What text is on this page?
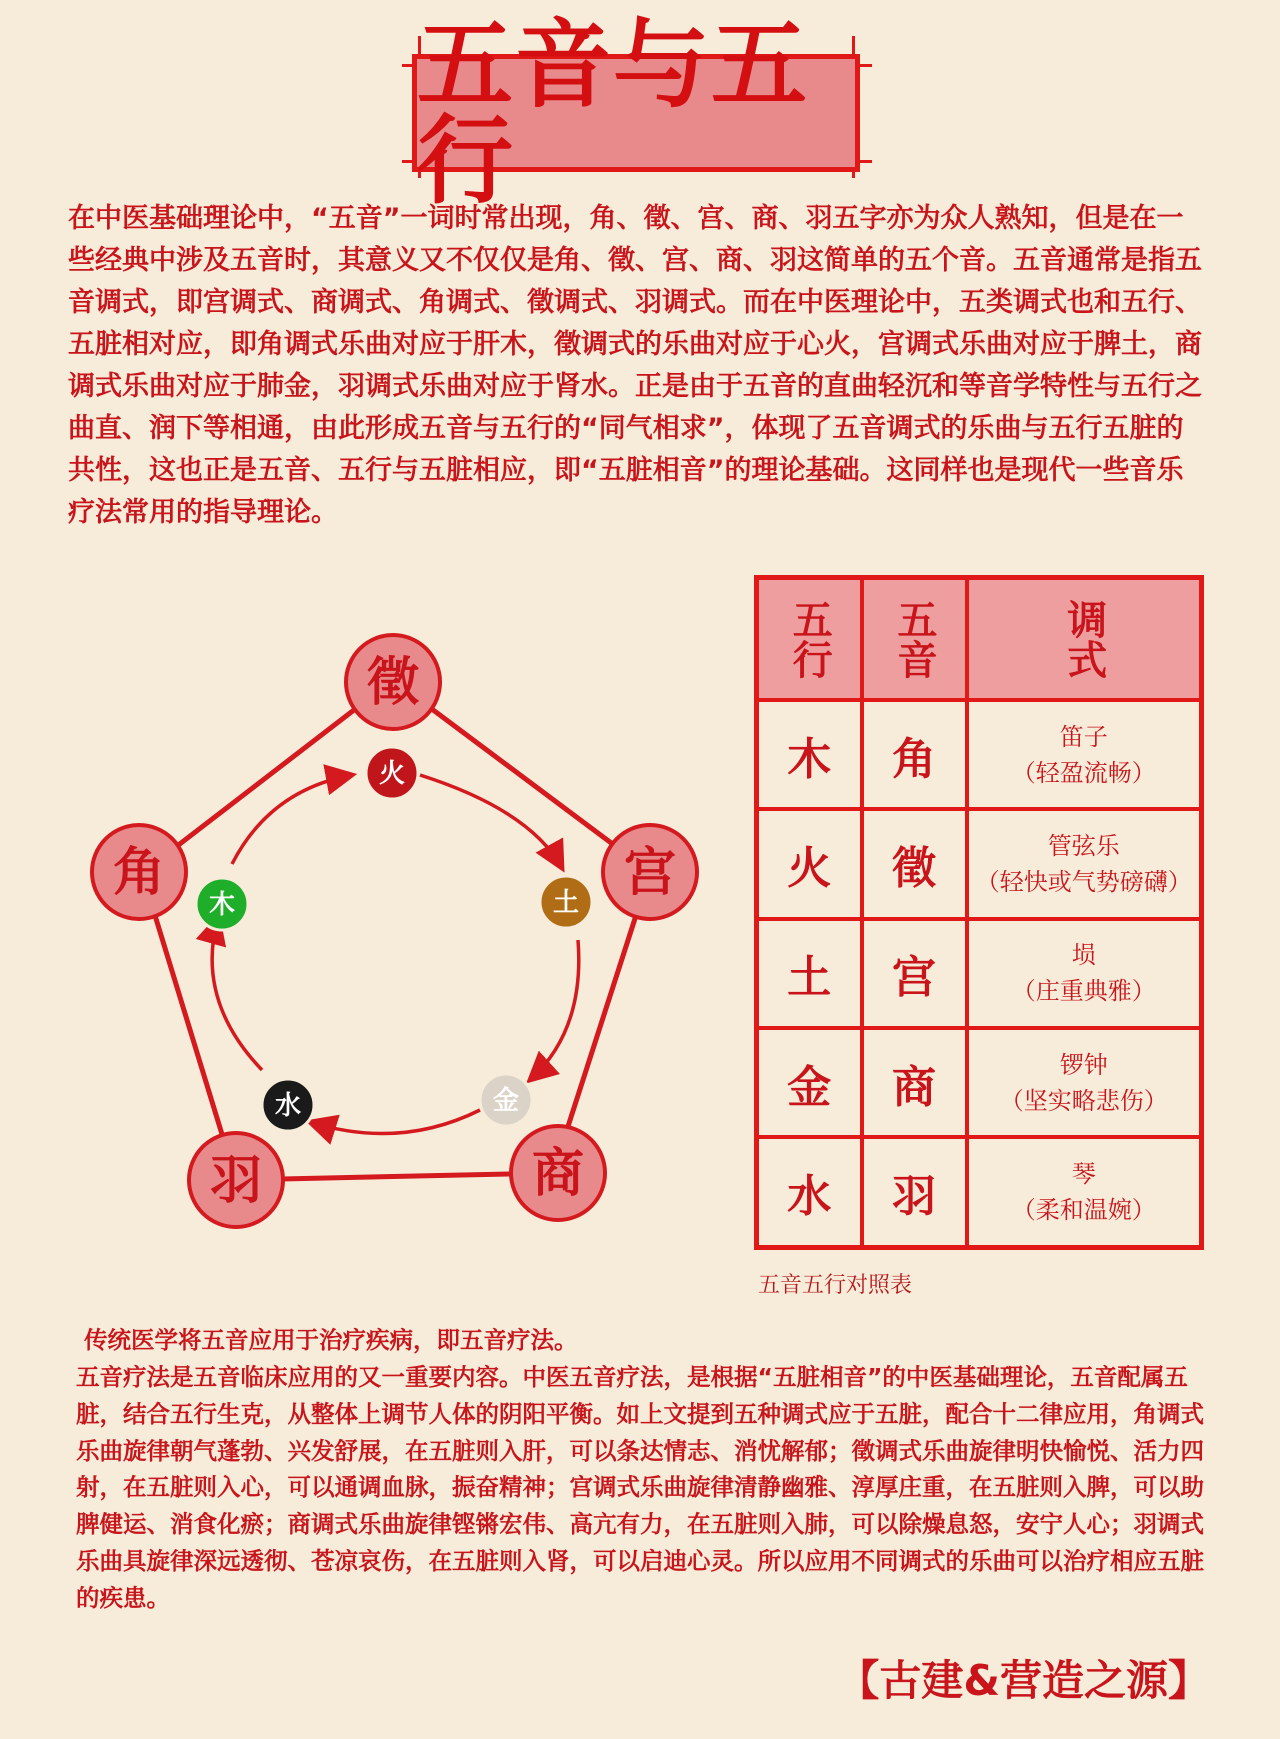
五音与五行

在中医基础理论中，“五音”一词时常出现，角、徵、宫、商、羽五字亦为众人熟知，但是在一些经典中涉及五音时，其意义又不仅仅是角、徵、宫、商、羽这简单的五个音。五音通常是指五音调式，即宫调式、商调式、角调式、徵调式、羽调式。而在中医理论中，五类调式也和五行、五脏相对应，即角调式乐曲对应于肝木，徵调式的乐曲对应于心火，宫调式乐曲对应于脾土，商调式乐曲对应于肺金，羽调式乐曲对应于肾水。正是由于五音的直曲轻沉和等音学特性与五行之曲直、润下等相通，由此形成五音与五行的“同气相求”，体现了五音调式的乐曲与五行五脏的共性，这也正是五音、五行与五脏相应，即“五脏相音”的理论基础。这同样也是现代一些音乐疗法常用的指导理论。

徵
宫
商
羽
角
火
土
金
水
木
五行	五音	调式
木	角	笛子
（轻盈流畅）

火	徵	管弦乐
（轻快或气势磅礴）

土	宫	埙
（庄重典雅）

金	商	锣钟
（坚实略悲伤）

水	羽	琴
（柔和温婉）

五音五行对照表

传统医学将五音应用于治疗疾病，即五音疗法。

五音疗法是五音临床应用的又一重要内容。中医五音疗法，是根据“五脏相音”的中医基础理论，五音配属五脏，结合五行生克，从整体上调节人体的阴阳平衡。如上文提到五种调式应于五脏，配合十二律应用，角调式乐曲旋律朝气蓬勃、兴发舒展，在五脏则入肝，可以条达情志、消忧解郁；徵调式乐曲旋律明快愉悦、活力四射，在五脏则入心，可以通调血脉，振奋精神；宫调式乐曲旋律清静幽雅、淳厚庄重，在五脏则入脾，可以助脾健运、消食化瘀；商调式乐曲旋律铿锵宏伟、高亢有力，在五脏则入肺，可以除燥息怒，安宁人心；羽调式乐曲具旋律深远透彻、苍凉哀伤，在五脏则入肾，可以启迪心灵。所以应用不同调式的乐曲可以治疗相应五脏的疾患。

【古建&营造之源】
